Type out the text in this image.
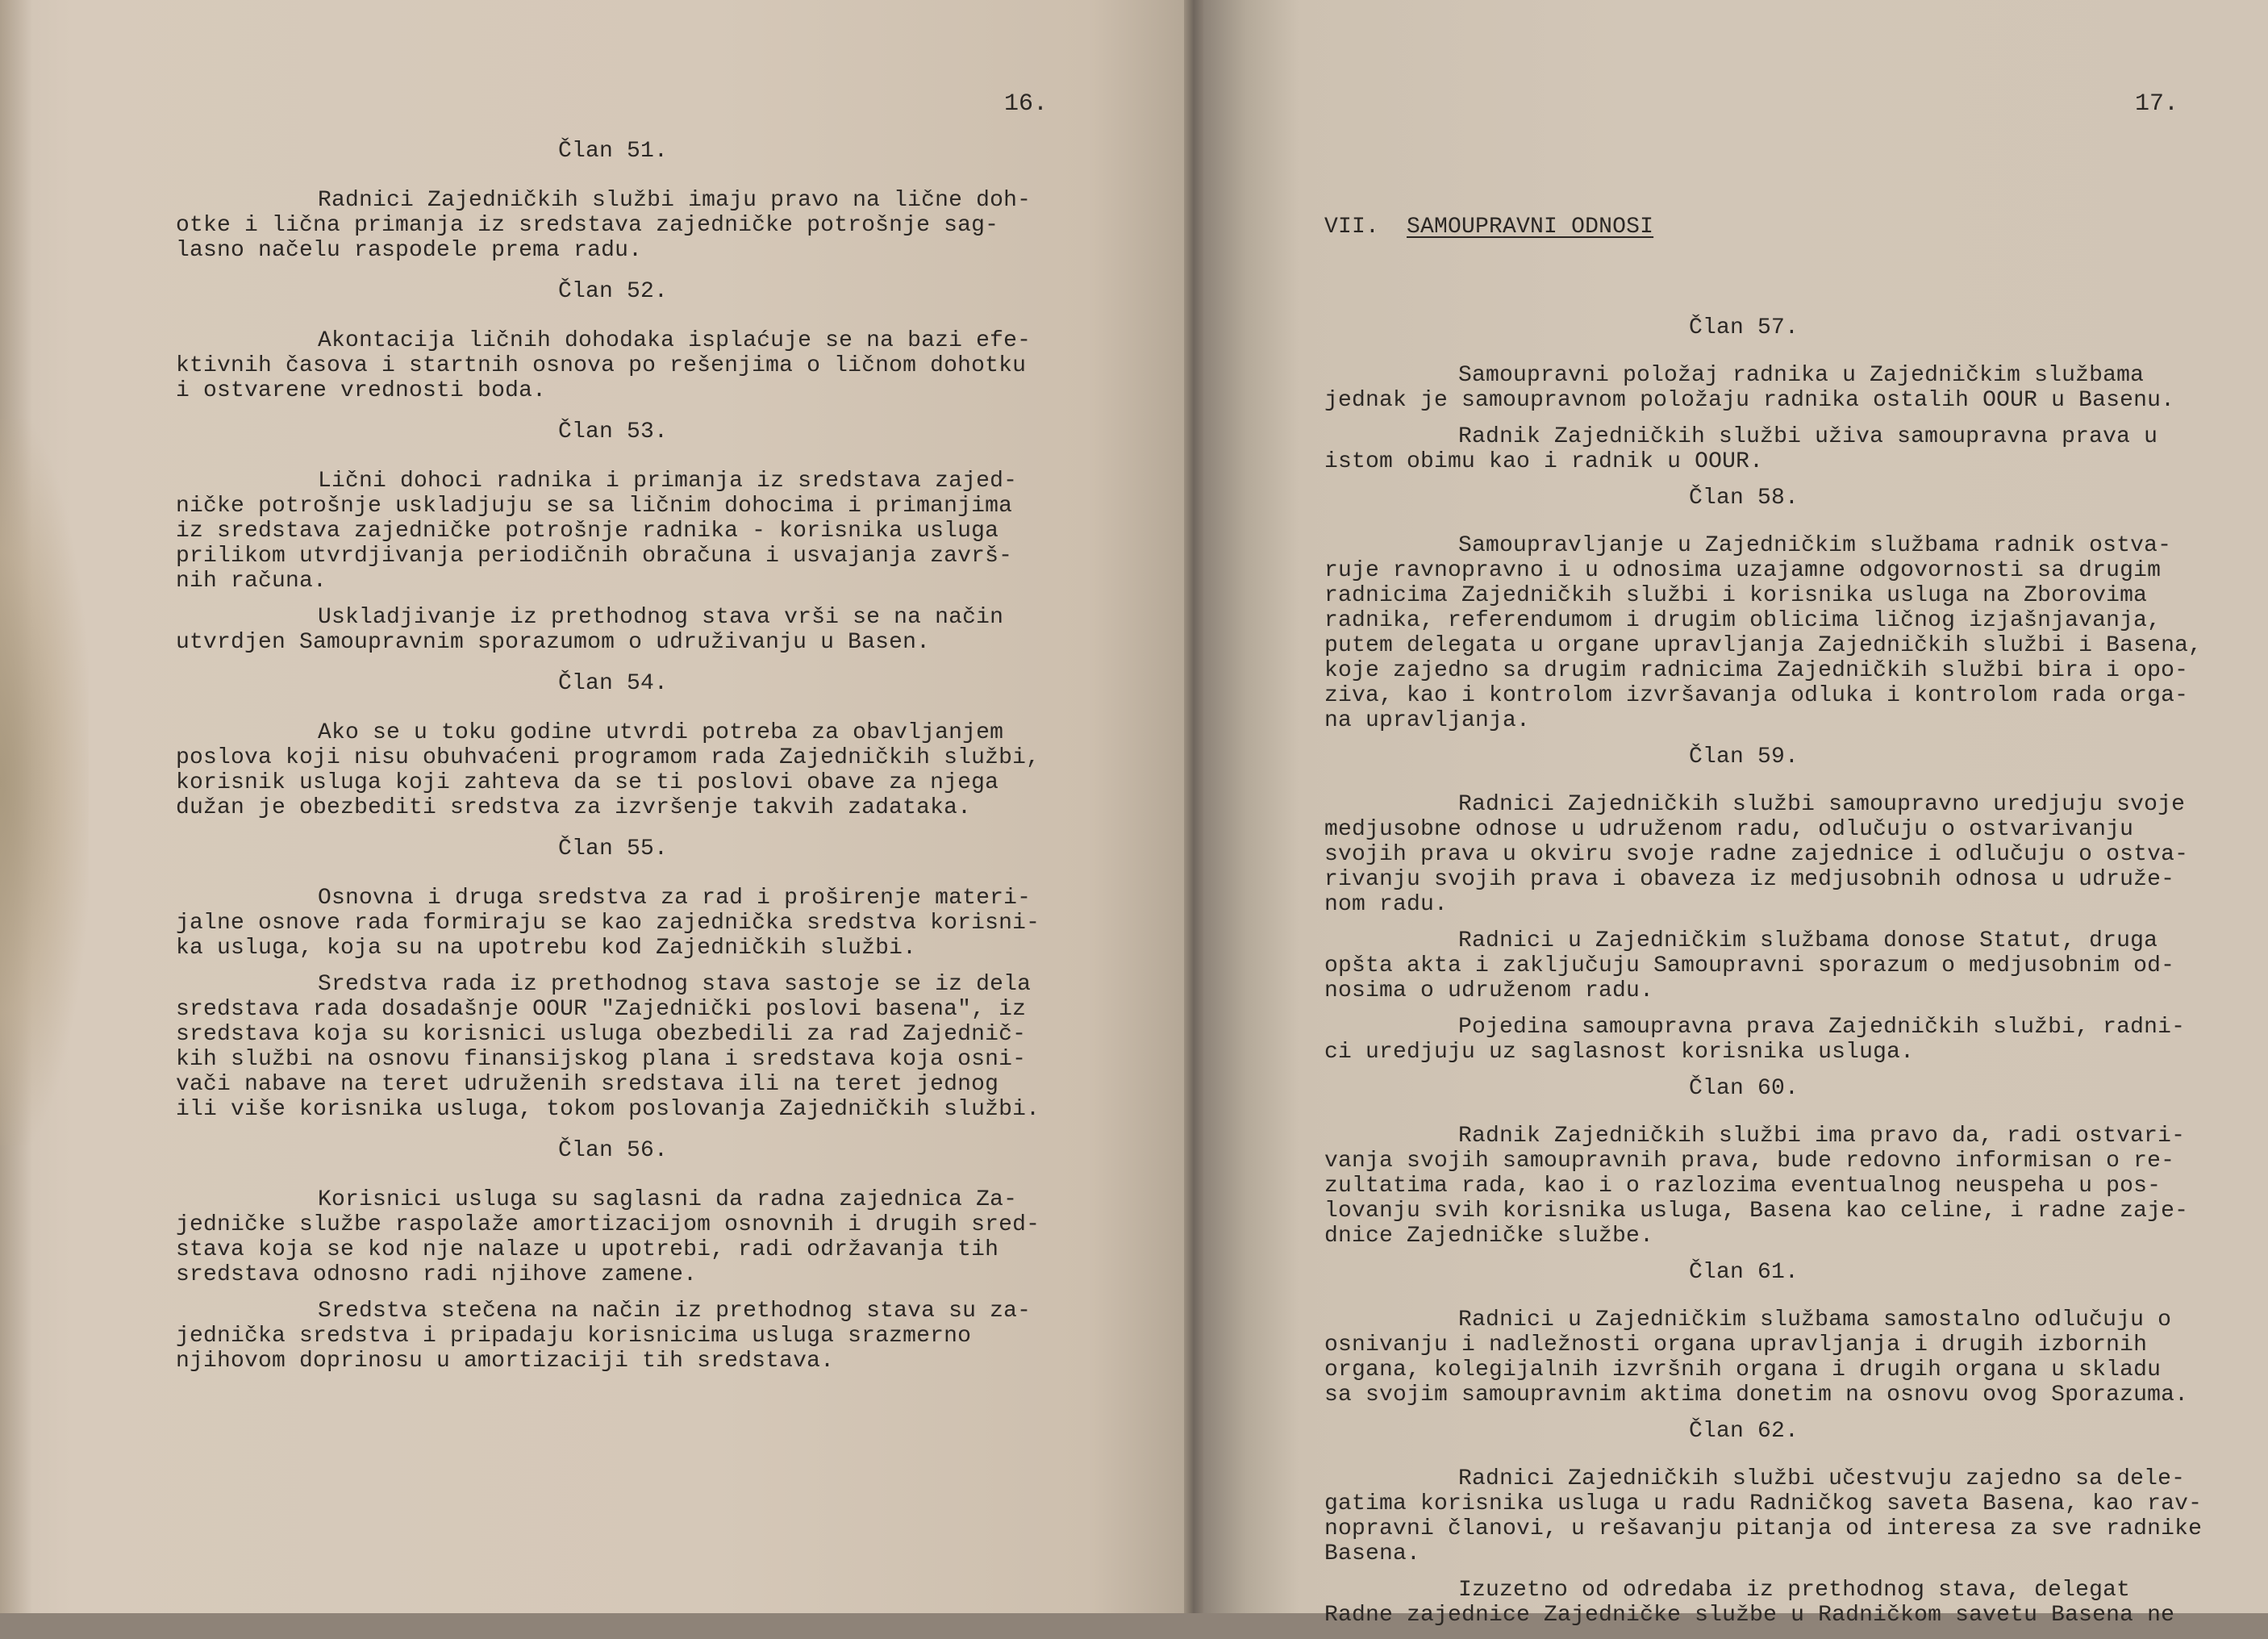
16.
Član 51.
Radnici Zajedničkih službi imaju pravo na lične doh-
otke i lična primanja iz sredstava zajedničke potrošnje sag-
lasno načelu raspodele prema radu.
Član 52.
Akontacija ličnih dohodaka isplaćuje se na bazi efe-
ktivnih časova i startnih osnova po rešenjima o ličnom dohotku
i ostvarene vrednosti boda.
Član 53.
Lični dohoci radnika i primanja iz sredstava zajed-
ničke potrošnje uskladjuju se sa ličnim dohocima i primanjima
iz sredstava zajedničke potrošnje radnika - korisnika usluga
prilikom utvrdjivanja periodičnih obračuna i usvajanja završ-
nih računa.
Uskladjivanje iz prethodnog stava vrši se na način
utvrdjen Samoupravnim sporazumom o udruživanju u Basen.
Član 54.
Ako se u toku godine utvrdi potreba za obavljanjem
poslova koji nisu obuhvaćeni programom rada Zajedničkih službi,
korisnik usluga koji zahteva da se ti poslovi obave za njega
dužan je obezbediti sredstva za izvršenje takvih zadataka.
Član 55.
Osnovna i druga sredstva za rad i proširenje materi-
jalne osnove rada formiraju se kao zajednička sredstva korisni-
ka usluga, koja su na upotrebu kod Zajedničkih službi.
Sredstva rada iz prethodnog stava sastoje se iz dela
sredstava rada dosadašnje OOUR "Zajednički poslovi basena", iz
sredstava koja su korisnici usluga obezbedili za rad Zajednič-
kih službi na osnovu finansijskog plana i sredstava koja osni-
vači nabave na teret udruženih sredstava ili na teret jednog
ili više korisnika usluga, tokom poslovanja Zajedničkih službi.
Član 56.
Korisnici usluga su saglasni da radna zajednica Za-
jedničke službe raspolaže amortizacijom osnovnih i drugih sred-
stava koja se kod nje nalaze u upotrebi, radi održavanja tih
sredstava odnosno radi njihove zamene.
Sredstva stečena na način iz prethodnog stava su za-
jednička sredstva i pripadaju korisnicima usluga srazmerno
njihovom doprinosu u amortizaciji tih sredstava.
17.

VII. SAMOUPRAVNI ODNOSI

Član 57.
Samoupravni položaj radnika u Zajedničkim službama
jednak je samoupravnom položaju radnika ostalih OOUR u Basenu.
Radnik Zajedničkih službi uživa samoupravna prava u
istom obimu kao i radnik u OOUR.
Član 58.
Samoupravljanje u Zajedničkim službama radnik ostva-
ruje ravnopravno i u odnosima uzajamne odgovornosti sa drugim
radnicima Zajedničkih službi i korisnika usluga na Zborovima
radnika, referendumom i drugim oblicima ličnog izjašnjavanja,
putem delegata u organe upravljanja Zajedničkih službi i Basena,
koje zajedno sa drugim radnicima Zajedničkih službi bira i opo-
ziva, kao i kontrolom izvršavanja odluka i kontrolom rada orga-
na upravljanja.
Član 59.
Radnici Zajedničkih službi samoupravno uredjuju svoje
medjusobne odnose u udruženom radu, odlučuju o ostvarivanju
svojih prava u okviru svoje radne zajednice i odlučuju o ostva-
rivanju svojih prava i obaveza iz medjusobnih odnosa u udruže-
nom radu.
Radnici u Zajedničkim službama donose Statut, druga
opšta akta i zaključuju Samoupravni sporazum o medjusobnim od-
nosima o udruženom radu.
Pojedina samoupravna prava Zajedničkih službi, radni-
ci uredjuju uz saglasnost korisnika usluga.
Član 60.
Radnik Zajedničkih službi ima pravo da, radi ostvari-
vanja svojih samoupravnih prava, bude redovno informisan o re-
zultatima rada, kao i o razlozima eventualnog neuspeha u pos-
lovanju svih korisnika usluga, Basena kao celine, i radne zaje-
dnice Zajedničke službe.
Član 61.
Radnici u Zajedničkim službama samostalno odlučuju o
osnivanju i nadležnosti organa upravljanja i drugih izbornih
organa, kolegijalnih izvršnih organa i drugih organa u skladu
sa svojim samoupravnim aktima donetim na osnovu ovog Sporazuma.
Član 62.
Radnici Zajedničkih službi učestvuju zajedno sa dele-
gatima korisnika usluga u radu Radničkog saveta Basena, kao rav-
nopravni članovi, u rešavanju pitanja od interesa za sve radnike
Basena.
Izuzetno od odredaba iz prethodnog stava, delegat
Radne zajednice Zajedničke službe u Radničkom savetu Basena ne
